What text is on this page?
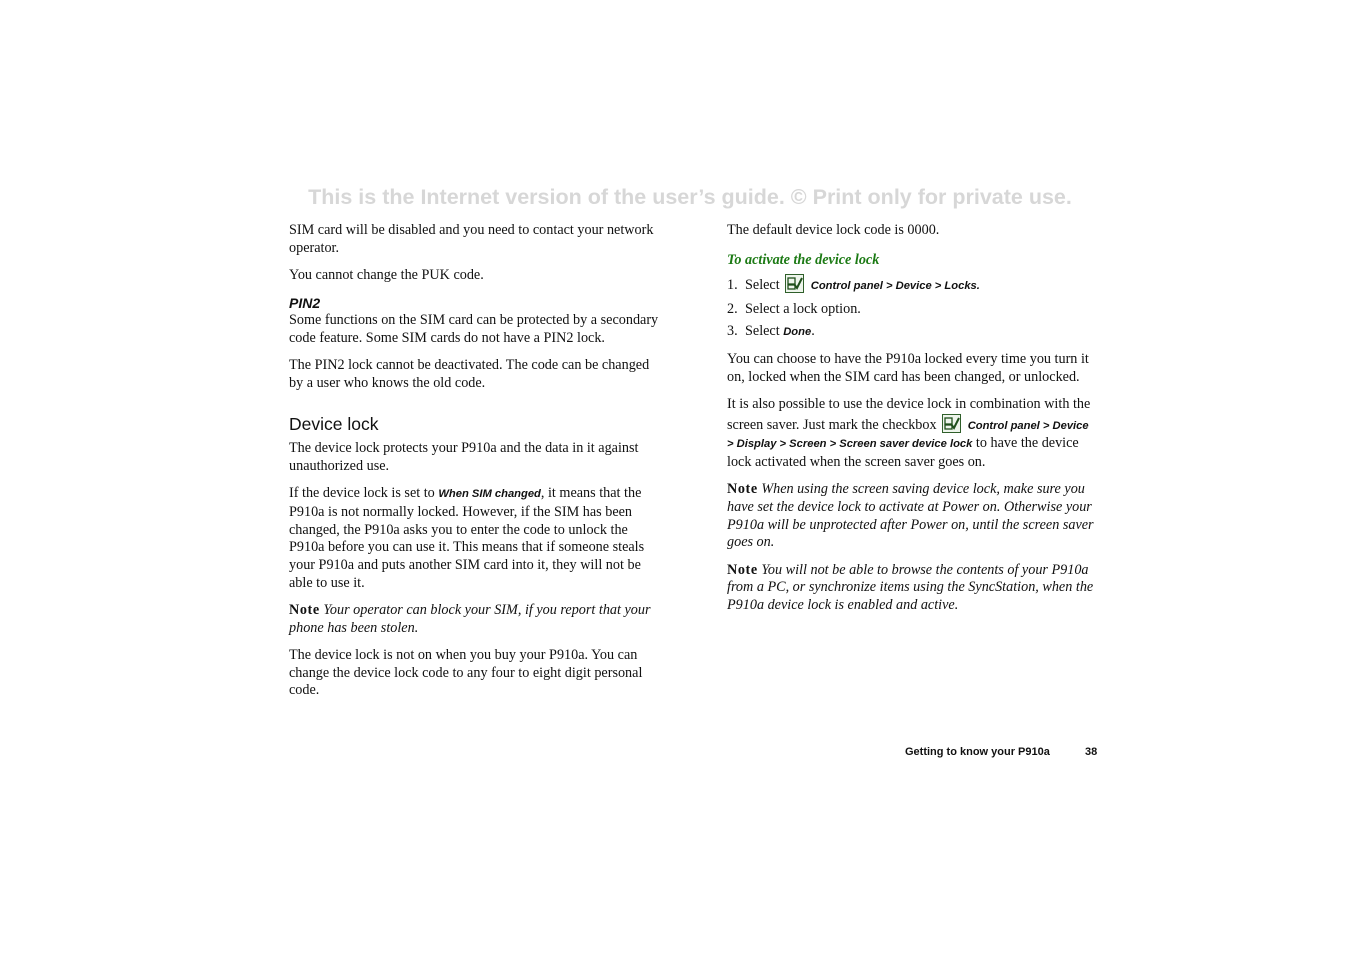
This is the Internet version of the user’s guide. © Print only for private use.

SIM card will be disabled and you need to contact your network operator.

You cannot change the PUK code.

PIN2

Some functions on the SIM card can be protected by a secondary code feature. Some SIM cards do not have a PIN2 lock.

The PIN2 lock cannot be deactivated. The code can be changed by a user who knows the old code.

Device lock

The device lock protects your P910a and the data in it against unauthorized use.

If the device lock is set to When SIM changed, it means that the P910a is not normally locked. However, if the SIM has been changed, the P910a asks you to enter the code to unlock the P910a before you can use it. This means that if someone steals your P910a and puts another SIM card into it, they will not be able to use it.

Note Your operator can block your SIM, if you report that your phone has been stolen.

The device lock is not on when you buy your P910a. You can change the device lock code to any four to eight digit personal code.

The default device lock code is 0000.

To activate the device lock
1. Select
Control panel > Device > Locks.
2. Select a lock option.
3. Select Done.

You can choose to have the P910a locked every time you turn it on, locked when the SIM card has been changed, or unlocked.

It is also possible to use the device lock in combination with the screen saver. Just mark the checkbox
Control panel > Device > Display > Screen > Screen saver device lock to have the device lock activated when the screen saver goes on.

Note When using the screen saving device lock, make sure you have set the device lock to activate at Power on. Otherwise your P910a will be unprotected after Power on, until the screen saver goes on.

Note You will not be able to browse the contents of your P910a from a PC, or synchronize items using the SyncStation, when the P910a device lock is enabled and active.

Getting to know your P910a	38
